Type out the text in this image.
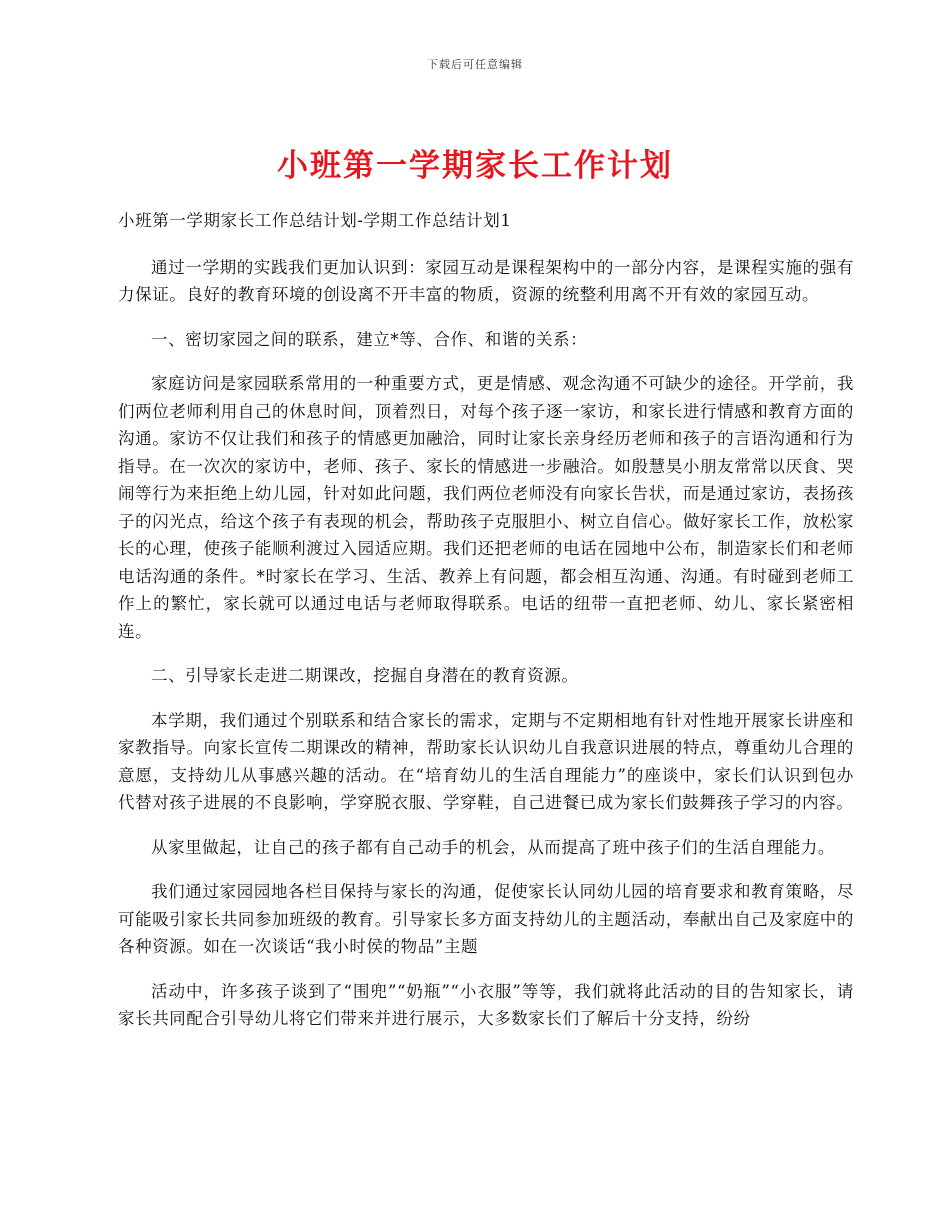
下载后可任意编辑
小班第一学期家长工作计划

小班第一学期家长工作总结计划-学期工作总结计划1

通过一学期的实践我们更加认识到：家园互动是课程架构中的一部分内容，是课程实施的强有力保证。良好的教育环境的创设离不开丰富的物质，资源的统整利用离不开有效的家园互动。

一、密切家园之间的联系，建立*等、合作、和谐的关系：

家庭访问是家园联系常用的一种重要方式，更是情感、观念沟通不可缺少的途径。开学前，我们两位老师利用自己的休息时间，顶着烈日，对每个孩子逐一家访，和家长进行情感和教育方面的沟通。家访不仅让我们和孩子的情感更加融洽，同时让家长亲身经历老师和孩子的言语沟通和行为指导。在一次次的家访中，老师、孩子、家长的情感进一步融洽。如殷慧昊小朋友常常以厌食、哭闹等行为来拒绝上幼儿园，针对如此问题，我们两位老师没有向家长告状，而是通过家访，表扬孩子的闪光点，给这个孩子有表现的机会，帮助孩子克服胆小、树立自信心。做好家长工作，放松家长的心理，使孩子能顺利渡过入园适应期。我们还把老师的电话在园地中公布，制造家长们和老师电话沟通的条件。*时家长在学习、生活、教养上有问题，都会相互沟通、沟通。有时碰到老师工作上的繁忙，家长就可以通过电话与老师取得联系。电话的纽带一直把老师、幼儿、家长紧密相连。

二、引导家长走进二期课改，挖掘自身潜在的教育资源。

本学期，我们通过个别联系和结合家长的需求，定期与不定期相地有针对性地开展家长讲座和家教指导。向家长宣传二期课改的精神，帮助家长认识幼儿自我意识进展的特点，尊重幼儿合理的意愿，支持幼儿从事感兴趣的活动。在“培育幼儿的生活自理能力”的座谈中，家长们认识到包办代替对孩子进展的不良影响，学穿脱衣服、学穿鞋，自己进餐已成为家长们鼓舞孩子学习的内容。

从家里做起，让自己的孩子都有自己动手的机会，从而提高了班中孩子们的生活自理能力。

我们通过家园园地各栏目保持与家长的沟通，促使家长认同幼儿园的培育要求和教育策略，尽可能吸引家长共同参加班级的教育。引导家长多方面支持幼儿的主题活动，奉献出自己及家庭中的各种资源。如在一次谈话“我小时侯的物品”主题

活动中，许多孩子谈到了“围兜”“奶瓶”“小衣服”等等，我们就将此活动的目的告知家长，请家长共同配合引导幼儿将它们带来并进行展示，大多数家长们了解后十分支持，纷纷
